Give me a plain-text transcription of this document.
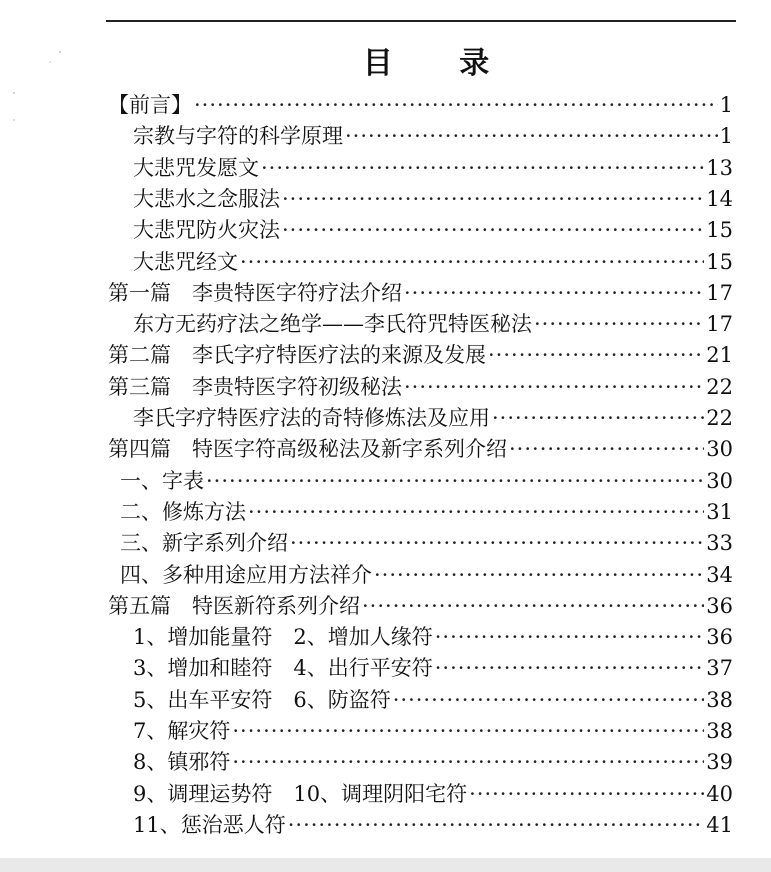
目 录
【前言】 ·····	1
宗教与字符的科学原理 ·····	1
大悲咒发愿文 ·····	13
大悲水之念服法 ·····	14
大悲咒防火灾法 ·····	15
大悲咒经文 ·····	15
第一篇　李贵特医字符疗法介绍 ·····	17
东方无药疗法之绝学——李氏符咒特医秘法 ·····	17
第二篇　李氏字疗特医疗法的来源及发展 ·····	21
第三篇　李贵特医字符初级秘法 ·····	22
李氏字疗特医疗法的奇特修炼法及应用 ·····	22
第四篇　特医字符高级秘法及新字系列介绍 ·····	30
一、字表 ·····	30
二、修炼方法 ·····	31
三、新字系列介绍 ·····	33
四、多种用途应用方法祥介 ·····	34
第五篇　特医新符系列介绍 ·····	36
1、增加能量符　2、增加人缘符 ·····	36
3、增加和睦符　4、出行平安符 ·····	37
5、出车平安符　6、防盗符 ·····	38
7、解灾符 ·····	38
8、镇邪符 ·····	39
9、调理运势符　10、调理阴阳宅符 ·····	40
11、惩治恶人符 ·····	41
